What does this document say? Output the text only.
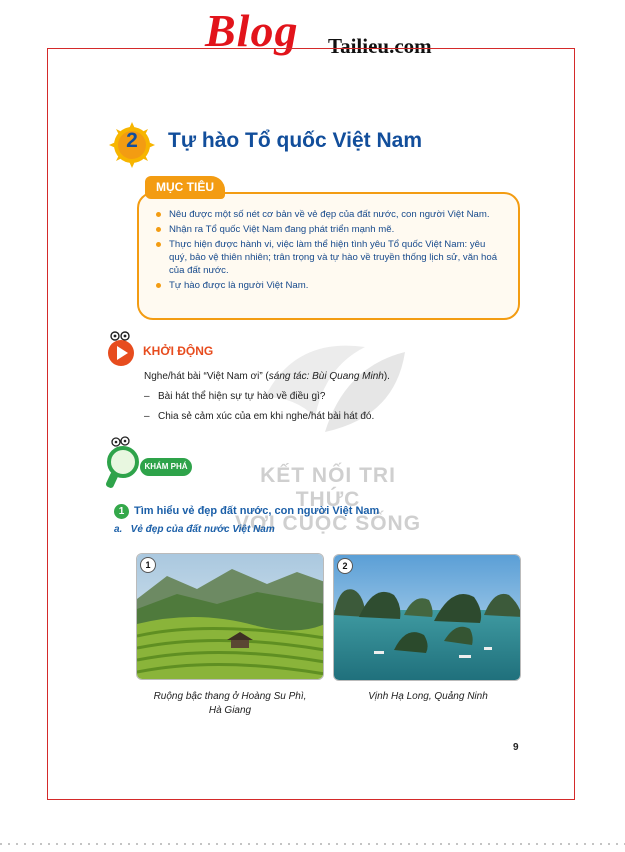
Blog Tailieu.com
2	Tự hào Tổ quốc Việt Nam
Nêu được một số nét cơ bản về vẻ đẹp của đất nước, con người Việt Nam.
Nhận ra Tổ quốc Việt Nam đang phát triển mạnh mẽ.
Thực hiện được hành vi, việc làm thể hiện tình yêu Tổ quốc Việt Nam: yêu quý, bảo vệ thiên nhiên; trân trọng và tự hào về truyền thống lịch sử, văn hoá của đất nước.
Tự hào được là người Việt Nam.
MỤC TIÊU
KẾT NỐI TRI THỨC
VỚI CUỘC SỐNG
KHỞI ĐỘNG
Nghe/hát bài “Việt Nam ơi” (sáng tác: Bùi Quang Minh).
– Bài hát thể hiện sự tự hào về điều gì?
– Chia sẻ cảm xúc của em khi nghe/hát bài hát đó.
KHÁM PHÁ
1 Tìm hiểu vẻ đẹp đất nước, con người Việt Nam
a.   Vẻ đẹp của đất nước Việt Nam
1	2
Ruộng bậc thang ở Hoàng Su Phì,
Hà Giang
Vịnh Hạ Long, Quảng Ninh
9
